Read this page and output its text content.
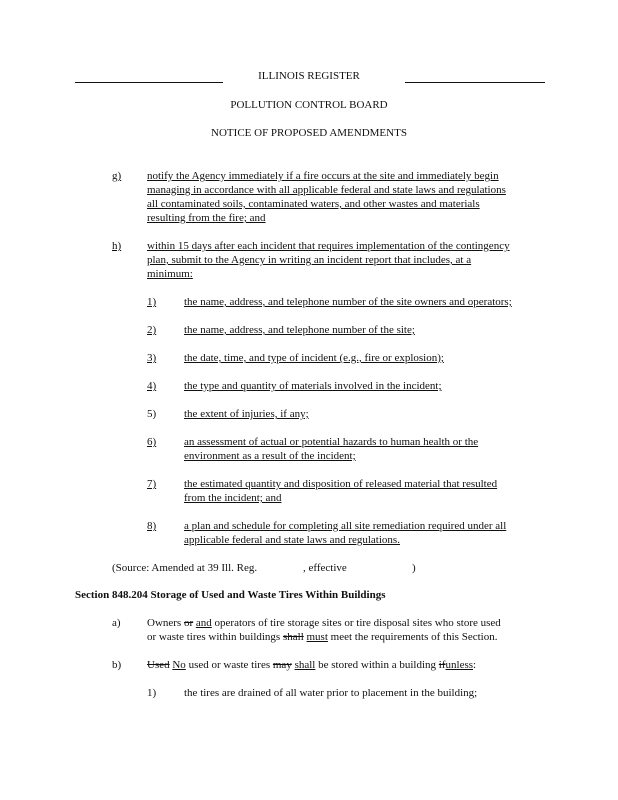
ILLINOIS REGISTER
POLLUTION CONTROL BOARD
NOTICE OF PROPOSED AMENDMENTS
g) notify the Agency immediately if a fire occurs at the site and immediately begin
managing in accordance with all applicable federal and state laws and regulations
all contaminated soils, contaminated waters, and other wastes and materials
resulting from the fire; and
h) within 15 days after each incident that requires implementation of the contingency
plan, submit to the Agency in writing an incident report that includes, at a
minimum:
1)	the name, address, and telephone number of the site owners and operators;
2)	the name, address, and telephone number of the site;
3)	the date, time, and type of incident (e.g., fire or explosion);
4)	the type and quantity of materials involved in the incident;
5)	the extent of injuries, if any;
6)	an assessment of actual or potential hazards to human health or the
environment as a result of the incident;
7)	the estimated quantity and disposition of released material that resulted
from the incident; and
8)	a plan and schedule for completing all site remediation required under all
applicable federal and state laws and regulations.
(Source: Amended at 39 Ill. Reg.	, effective	)
Section 848.204 Storage of Used and Waste Tires Within Buildings
a) Owners or and operators of tire storage sites or tire disposal sites who store used
or waste tires within buildings shall must meet the requirements of this Section.
b) Used No used or waste tires may shall be stored within a building ifunless:
1)	the tires are drained of all water prior to placement in the building;
